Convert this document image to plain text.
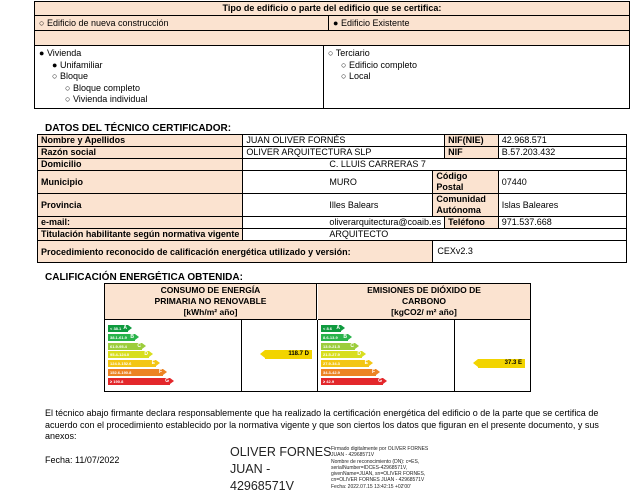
Tipo de edificio o parte del edificio que se certifica:
○ Edificio de nueva construcción	● Edificio Existente
● Vivienda
● Unifamiliar
○ Bloque
○ Bloque completo
○ Vivienda individual
○ Terciario
○ Edificio completo
○ Local
DATOS DEL TÉCNICO CERTIFICADOR:
Nombre y Apellidos	JUAN OLIVER FORNÉS		NIF(NIE)	42.968.571
Razón social	OLIVER ARQUITECTURA SLP		NIF	B.57.203.432
Domicilio	C. LLUIS CARRERAS 7			
Municipio	MURO	Código Postal		07440
Provincia	Illes Balears	Comunidad Autónoma		Islas Baleares
e-mail:	oliverarquitectura@coaib.es		Teléfono	971.537.668
Titulación habilitante según normativa vigente	ARQUITECTO			
Procedimiento reconocido de calificación energética utilizado y versión:		CEXv2.3		
CALIFICACIÓN ENERGÉTICA OBTENIDA:
CONSUMO DE ENERGÍA
PRIMARIA NO RENOVABLE
[kWh/m² año]
EMISIONES DE DIÓXIDO DE
CARBONO
[kgCO2/ m² año]
< 38.1 A
38.1-61.9 B
61.9-95.4 C
95.4-124.0	D
124.0-152.6	E
152.6-190.8	F
≥ 190.8	G
118.7 D
< 8.6 A
8.6-13.9 B
13.9-21.5 C
21.5-27.9	D
27.9-34.3	E
34.3-42.9	F
≥ 42.9	G
37.3 E
El técnico abajo firmante declara responsablemente que ha realizado la certificación energética del edificio o de la parte que se certifica de acuerdo con el procedimiento establecido por la normativa vigente y que son ciertos los datos que figuran en el presente documento, y sus anexos:
Fecha: 11/07/2022
OLIVER FORNES
JUAN -
42968571V
Firmado digitalmente por OLIVER FORNES JUAN - 42968571V
Nombre de reconocimiento (DN): c=ES, serialNumber=IDCES-42968571V, givenName=JUAN, sn=OLIVER FORNES, cn=OLIVER FORNES JUAN - 42968571V
Fecha: 2022.07.15 13:42:15 +02'00'
